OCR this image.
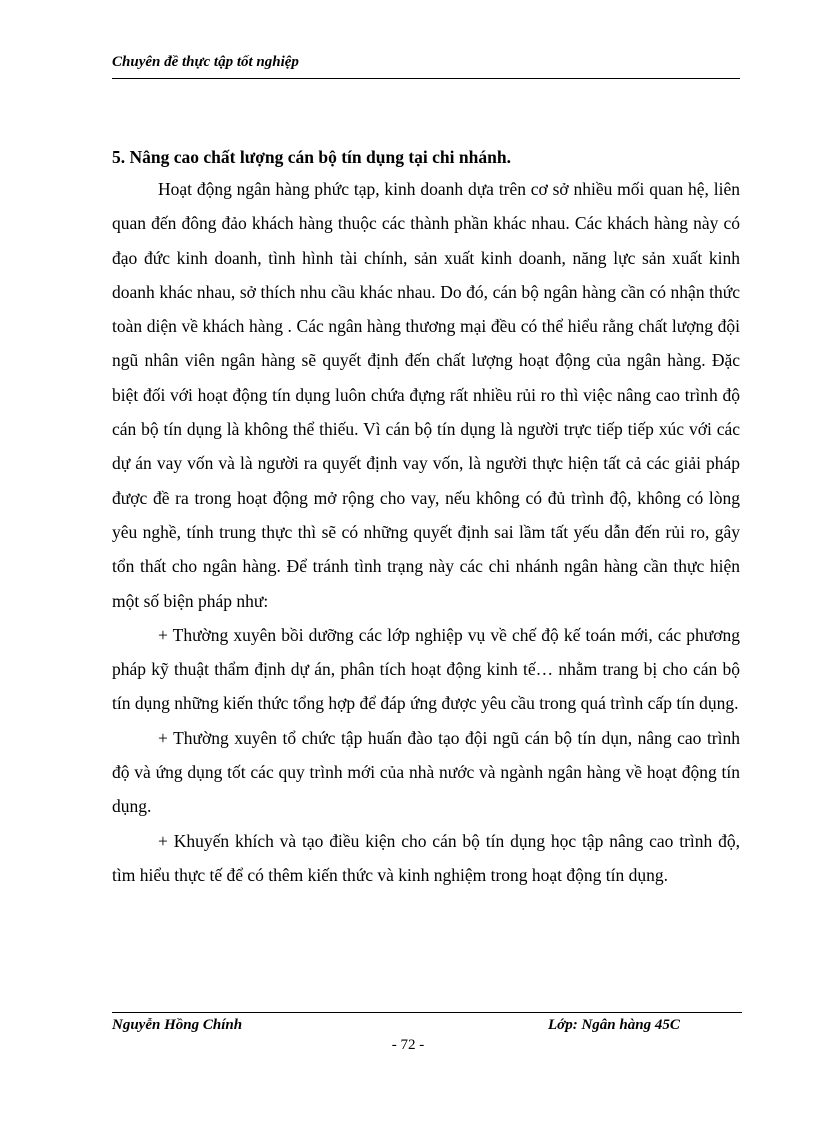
Chuyên đề thực tập tốt nghiệp

5. Nâng cao chất lượng cán bộ tín dụng tại chi nhánh.

Hoạt động ngân hàng phức tạp, kinh doanh dựa trên cơ sở nhiều mối quan hệ, liên quan đến đông đảo khách hàng thuộc các thành phần khác nhau. Các khách hàng này có đạo đức kinh doanh, tình hình tài chính, sản xuất kinh doanh, năng lực sản xuất kinh doanh khác nhau, sở thích nhu cầu khác nhau. Do đó, cán bộ ngân hàng cần có nhận thức toàn diện về khách hàng . Các ngân hàng thương mại đều có thể hiểu rằng chất lượng đội ngũ nhân viên ngân hàng sẽ quyết định đến chất lượng hoạt động của ngân hàng. Đặc biệt đối với hoạt động tín dụng luôn chứa đựng rất nhiều rủi ro thì việc nâng cao trình độ cán bộ tín dụng là không thể thiếu. Vì cán bộ tín dụng là người trực tiếp tiếp xúc với các dự án vay vốn và là người ra quyết định vay vốn, là người thực hiện tất cả các giải pháp được đề ra trong hoạt động mở rộng cho vay, nếu không có đủ trình độ, không có lòng yêu nghề, tính trung thực thì sẽ có những quyết định sai lầm tất yếu dẫn đến rủi ro, gây tổn thất cho ngân hàng. Để tránh tình trạng này các chi nhánh ngân hàng cần thực hiện một số biện pháp như:

+ Thường xuyên bồi dưỡng các lớp nghiệp vụ về chế độ kế toán mới, các phương pháp kỹ thuật thẩm định dự án, phân tích hoạt động kinh tế… nhằm trang bị cho cán bộ tín dụng những kiến thức tổng hợp để đáp ứng được yêu cầu trong quá trình cấp tín dụng.

+ Thường xuyên tổ chức tập huấn đào tạo đội ngũ cán bộ tín dụn, nâng cao trình độ và ứng dụng tốt các quy trình mới của nhà nước và ngành ngân hàng về hoạt động tín dụng.

+ Khuyến khích và tạo điều kiện cho cán bộ tín dụng học tập nâng cao trình độ, tìm hiểu thực tế để có thêm kiến thức và kinh nghiệm trong hoạt động tín dụng.

Nguyễn Hồng Chính	Lớp: Ngân hàng 45C
- 72 -
